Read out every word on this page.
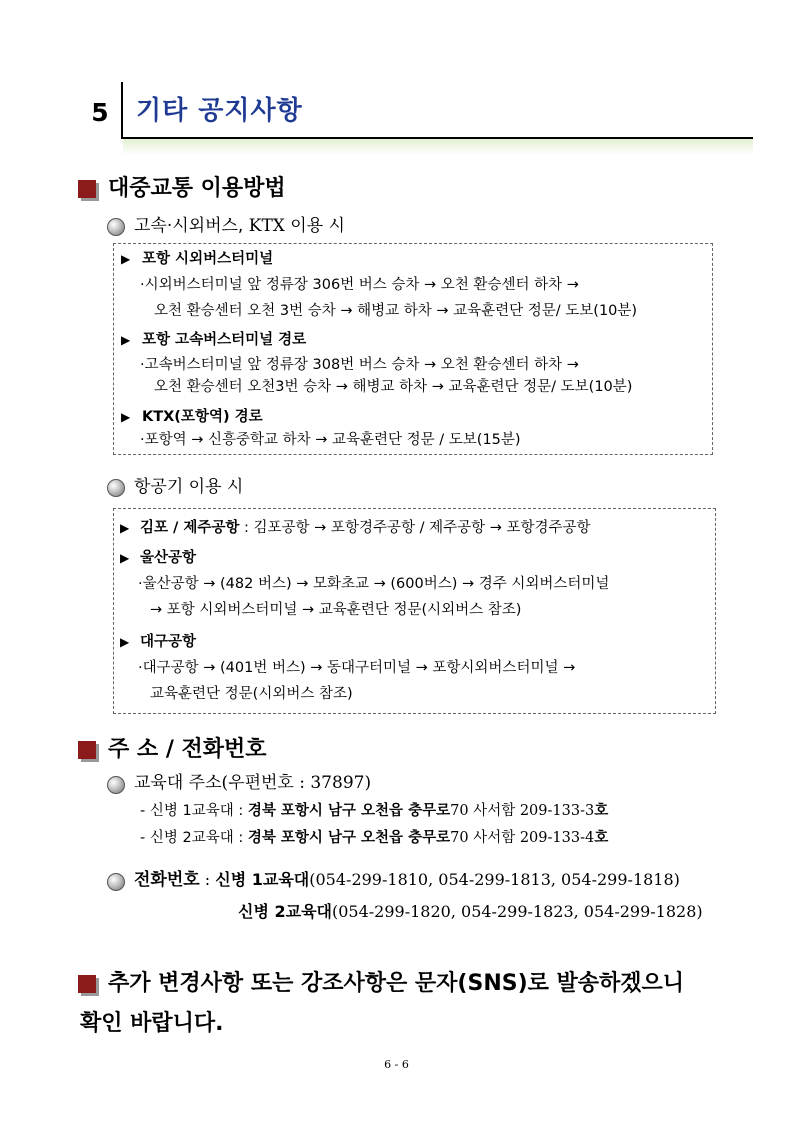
5	기타 공지사항
대중교통 이용방법
고속·시외버스, KTX 이용 시
▶ 포항 시외버스터미널
·시외버스터미널 앞 정류장 306번 버스 승차 → 오천 환승센터 하차 →
오천 환승센터 오천 3번 승차 → 해병교 하차 → 교육훈련단 정문/ 도보(10분)
▶ 포항 고속버스터미널 경로
·고속버스터미널 앞 정류장 308번 버스 승차 → 오천 환승센터 하차 →
오천 환승센터 오천3번 승차 → 해병교 하차 → 교육훈련단 정문/ 도보(10분)
▶ KTX(포항역) 경로
·포항역 → 신흥중학교 하차 → 교육훈련단 정문 / 도보(15분)
항공기 이용 시
▶ 김포 / 제주공항 : 김포공항 → 포항경주공항 / 제주공항 → 포항경주공항
▶ 울산공항
·울산공항 → (482 버스) → 모화초교 → (600버스) → 경주 시외버스터미널
→ 포항 시외버스터미널 → 교육훈련단 정문(시외버스 참조)
▶ 대구공항
·대구공항 → (401번 버스) → 동대구터미널 → 포항시외버스터미널 →
교육훈련단 정문(시외버스 참조)
주 소 / 전화번호
교육대 주소(우편번호 : 37897)
- 신병 1교육대 : 경북 포항시 남구 오천읍 충무로70 사서함 209-133-3호
- 신병 2교육대 : 경북 포항시 남구 오천읍 충무로70 사서함 209-133-4호
전화번호 : 신병 1교육대(054-299-1810, 054-299-1813, 054-299-1818)
신병 2교육대(054-299-1820, 054-299-1823, 054-299-1828)
추가 변경사항 또는 강조사항은 문자(SNS)로 발송하겠으니
확인 바랍니다.
6 - 6
